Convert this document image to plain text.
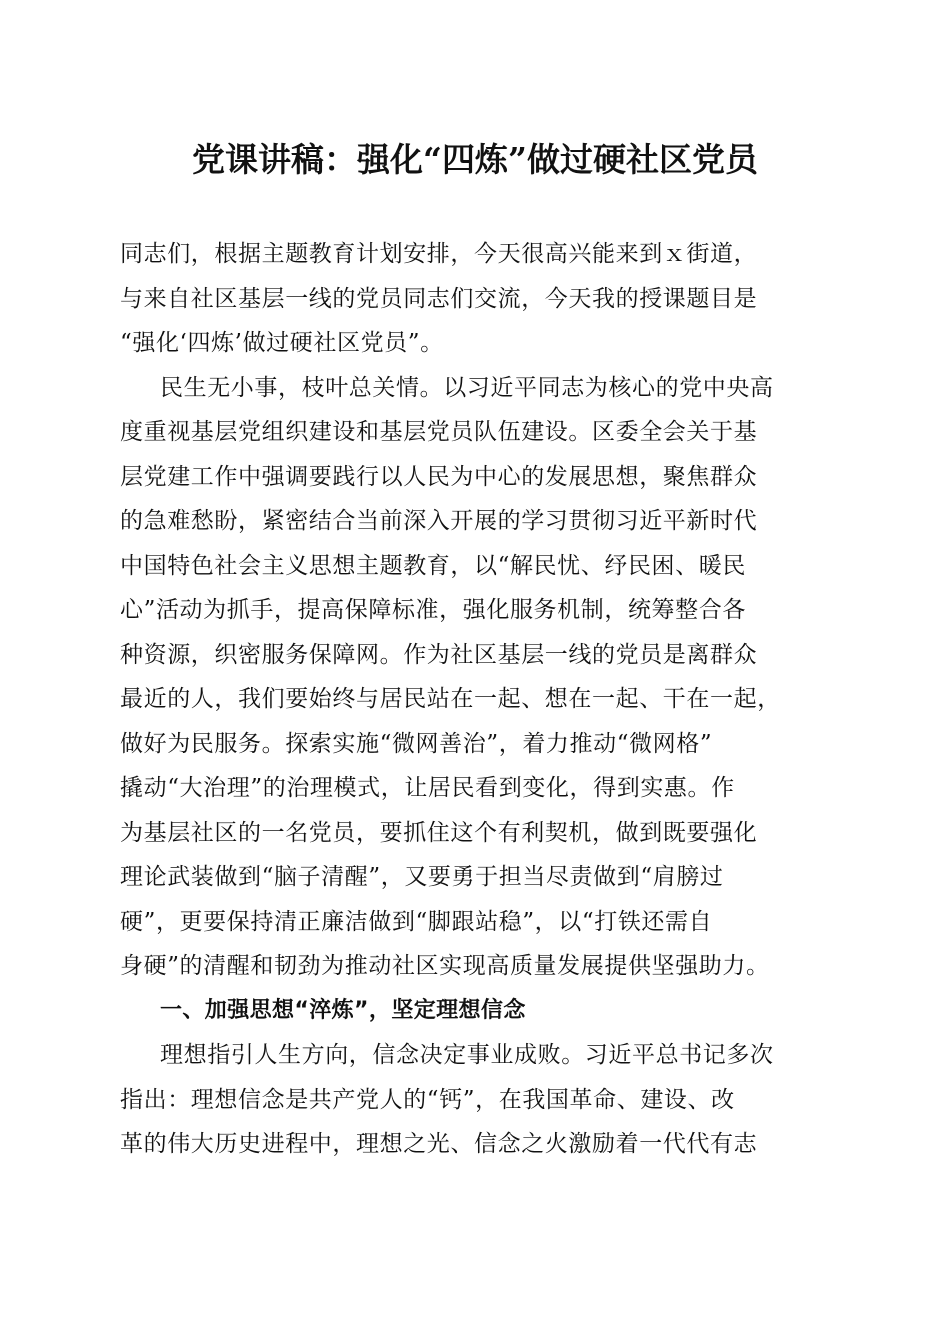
党课讲稿：强化“四炼”做过硬社区党员
同志们，根据主题教育计划安排，今天很高兴能来到ｘ街道，
与来自社区基层一线的党员同志们交流，今天我的授课题目是
“强化‘四炼’做过硬社区党员”。
民生无小事，枝叶总关情。以习近平同志为核心的党中央高
度重视基层党组织建设和基层党员队伍建设。区委全会关于基
层党建工作中强调要践行以人民为中心的发展思想，聚焦群众
的急难愁盼，紧密结合当前深入开展的学习贯彻习近平新时代
中国特色社会主义思想主题教育，以“解民忧、纾民困、暖民
心”活动为抓手，提高保障标准，强化服务机制，统筹整合各
种资源，织密服务保障网。作为社区基层一线的党员是离群众
最近的人，我们要始终与居民站在一起、想在一起、干在一起，
做好为民服务。探索实施“微网善治”，着力推动“微网格”
撬动“大治理”的治理模式，让居民看到变化，得到实惠。作
为基层社区的一名党员，要抓住这个有利契机，做到既要强化
理论武装做到“脑子清醒”，又要勇于担当尽责做到“肩膀过
硬”，更要保持清正廉洁做到“脚跟站稳”，以“打铁还需自
身硬”的清醒和韧劲为推动社区实现高质量发展提供坚强助力。
一、加强思想“淬炼”，坚定理想信念
理想指引人生方向，信念决定事业成败。习近平总书记多次
指出：理想信念是共产党人的“钙”，在我国革命、建设、改
革的伟大历史进程中，理想之光、信念之火激励着一代代有志
